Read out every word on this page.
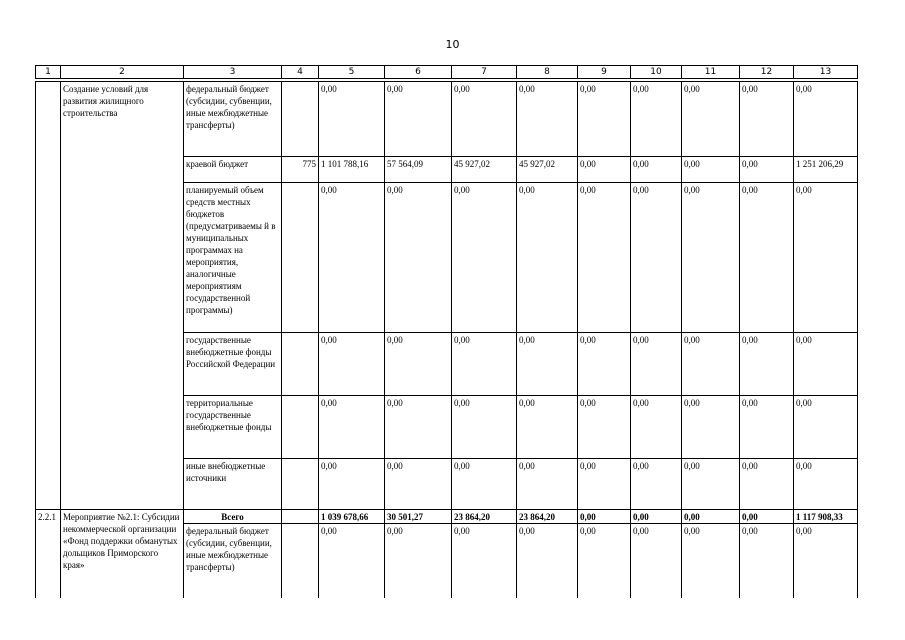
10
1	2	3	4	5	6	7	8	9	10	11	12	13

	Создание условий для развития жилищного строительства	федеральный бюджет (субсидии, субвенции, иные межбюджетные трансферты)		0,00	0,00	0,00	0,00	0,00	0,00	0,00	0,00	0,00
		краевой бюджет	775	1 101 788,16	57 564,09	45 927,02	45 927,02	0,00	0,00	0,00	0,00	1 251 206,29
		планируемый объем средств местных бюджетов (предусматриваемы й в муниципальных программах на мероприятия, аналогичные мероприятиям государственной программы)		0,00	0,00	0,00	0,00	0,00	0,00	0,00	0,00	0,00
		государственные внебюджетные фонды Российской Федерации		0,00	0,00	0,00	0,00	0,00	0,00	0,00	0,00	0,00
		территориальные государственные внебюджетные фонды		0,00	0,00	0,00	0,00	0,00	0,00	0,00	0,00	0,00
		иные внебюджетные источники		0,00	0,00	0,00	0,00	0,00	0,00	0,00	0,00	0,00
2.2.1	Мероприятие №2.1: Субсидии некоммерческой организации «Фонд поддержки обманутых дольщиков Приморского края»	Всего		1 039 678,66	30 501,27	23 864,20	23 864,20	0,00	0,00	0,00	0,00	1 117 908,33
		федеральный бюджет (субсидии, субвенции, иные межбюджетные трансферты)		0,00	0,00	0,00	0,00	0,00	0,00	0,00	0,00	0,00
